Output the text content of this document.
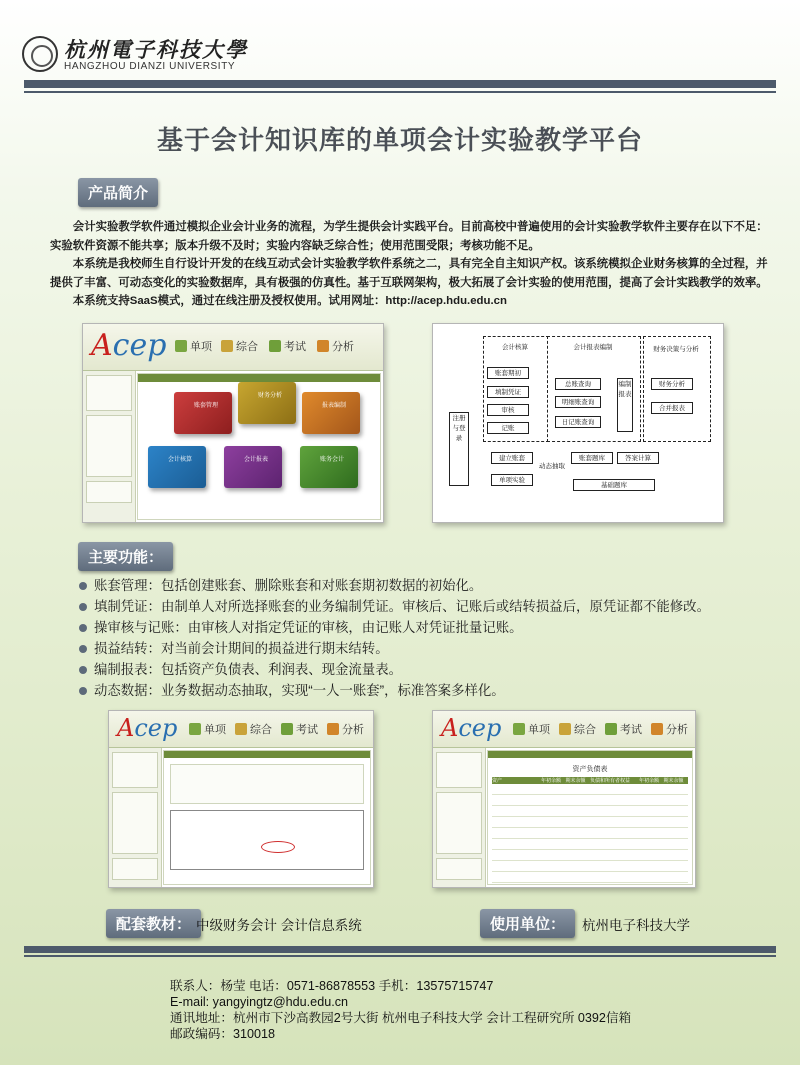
杭州電子科技大學
HANGZHOU DIANZI UNIVERSITY
基于会计知识库的单项会计实验教学平台
产品简介

会计实验教学软件通过模拟企业会计业务的流程，为学生提供会计实践平台。目前高校中普遍使用的会计实验教学软件主要存在以下不足：

实验软件资源不能共享；版本升级不及时；实验内容缺乏综合性；使用范围受限；考核功能不足。

本系统是我校师生自行设计开发的在线互动式会计实验教学软件系统之二，具有完全自主知识产权。该系统模拟企业财务核算的全过程，并

提供了丰富、可动态变化的实验数据库，具有极强的仿真性。基于互联网架构，极大拓展了会计实验的使用范围，提高了会计实践教学的效率。

本系统支持SaaS模式，通过在线注册及授权使用。试用网址：http://acep.hdu.edu.cn

Acep	单项	综合	考试	分析
账套管理
财务分析
报表编制
会计核算	会计报表	账务会计
会计核算
账套期初
填制凭证
审核
记账
会计报表编制
总账查询
明细账查询
日记账查询
编制报表
财务决策与分析
财务分析
合并报表
注册与登录
建立账套
单项实验
动态抽取
账套题库	答案计算
基础题库
主要功能：
账套管理：包括创建账套、删除账套和对账套期初数据的初始化。
填制凭证：由制单人对所选择账套的业务编制凭证。审核后、记账后或结转损益后，原凭证都不能修改。
操审核与记账：由审核人对指定凭证的审核，由记账人对凭证批量记账。
损益结转：对当前会计期间的损益进行期末结转。
编制报表：包括资产负债表、利润表、现金流量表。
动态数据：业务数据动态抽取，实现“一人一账套”，标准答案多样化。
Acep	单项	综合	考试	分析	Acep	单项	综合	考试	分析
资产负债表
资产	年初余额 期末余额 负债和所有者权益	年初余额 期末余额
配套教材： 中级财务会计 会计信息系统	使用单位：	杭州电子科技大学
联系人：杨莹 电话：0571-86878553 手机：13575715747
E-mail: yangyingtz@hdu.edu.cn
通讯地址：杭州市下沙高教园2号大街 杭州电子科技大学 会计工程研究所 0392信箱
邮政编码：310018
